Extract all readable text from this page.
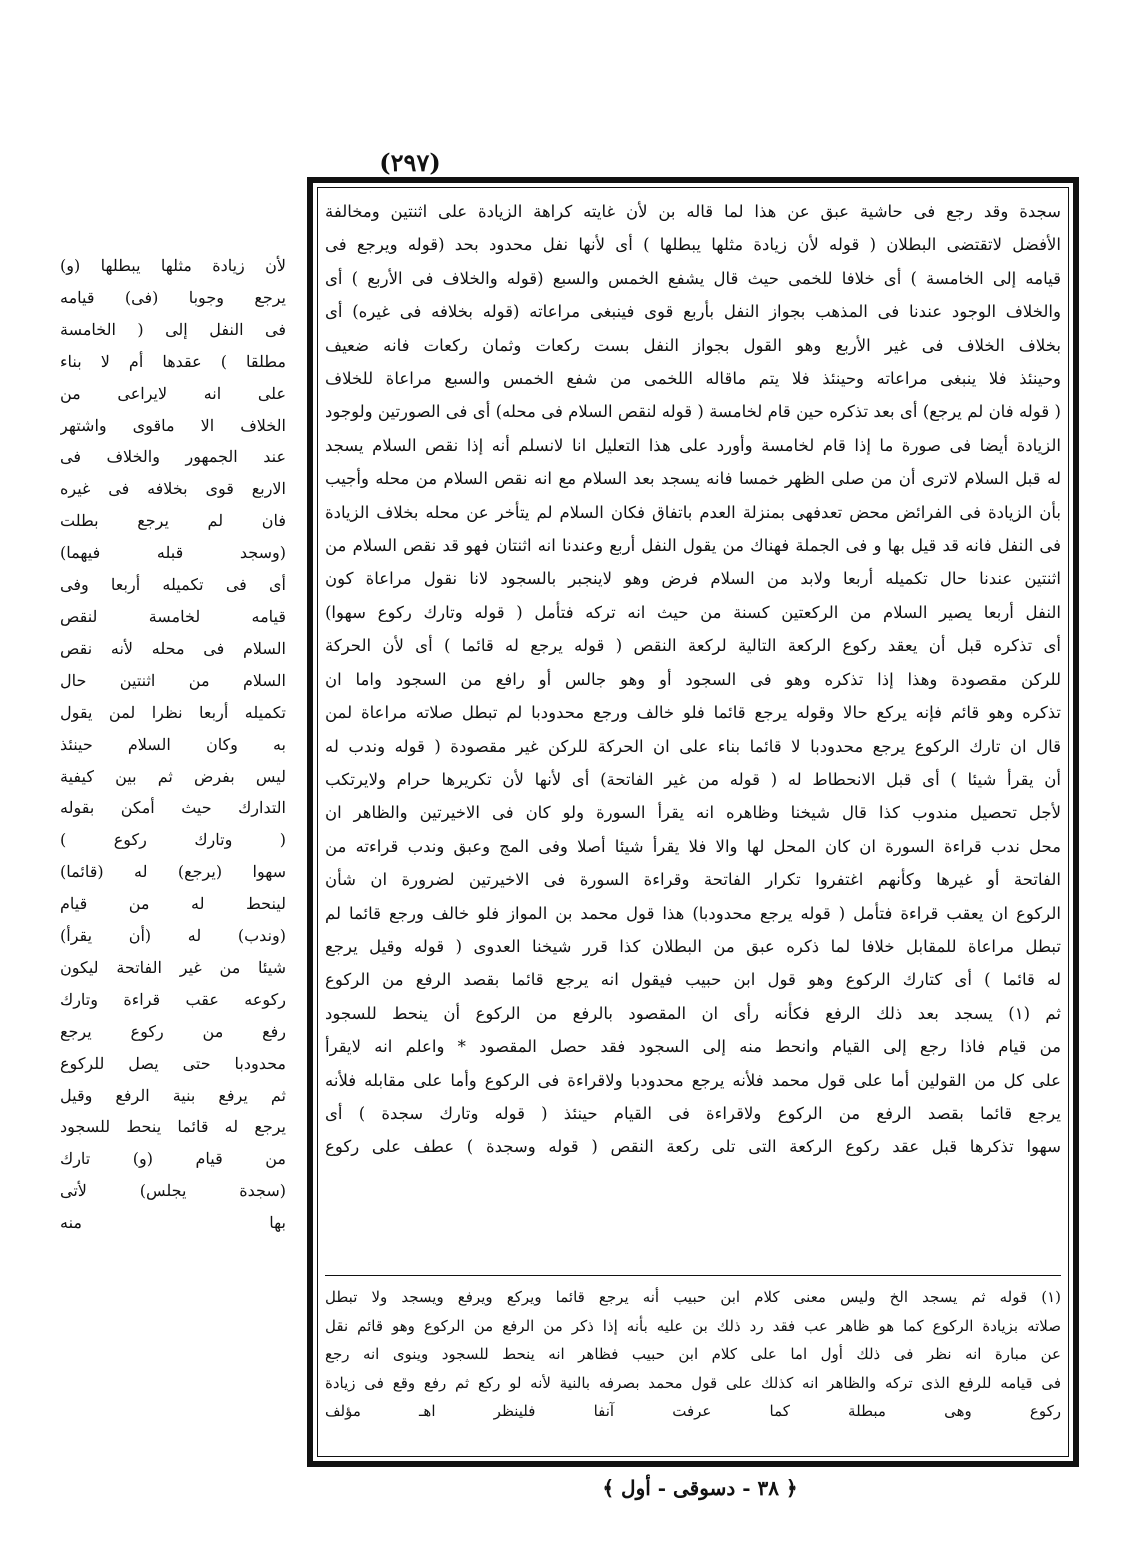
(٢٩٧)
لأن زيادة مثلها يبطلها (و)
يرجع وجوبا (فى) قيامه
فى النفل إلى ( الخامسة
مطلقا ) عقدها أم لا بناء
على انه لايراعى من
الخلاف الا ماقوى واشتهر
عند الجمهور والخلاف فى
الاربع قوى بخلافه فى غيره
فان لم يرجع بطلت
(وسجد قبله فيهما)
أى فى تكميله أربعا وفى
قيامه لخامسة لنقص
السلام فى محله لأنه نقص
السلام من اثنتين حال
تكميله أربعا نظرا لمن يقول
به وكان السلام حينئذ
ليس بفرض ثم بين كيفية
التدارك حيث أمكن بقوله
( وتارك ركوع )
سهوا (يرجع) له (قائما)
لينحط له من قيام
(وندب) له (أن يقرأ)
شيئا من غير الفاتحة ليكون
ركوعه عقب قراءة وتارك
رفع من ركوع يرجع
محدودبا حتى يصل للركوع
ثم يرفع بنية الرفع وقيل
يرجع له قائما ينحط للسجود
من قيام (و) تارك
(سجدة يجلس) لأتى
بها منه
سجدة وقد رجع فى حاشية عبق عن هذا لما قاله بن لأن غايته كراهة الزيادة على اثنتين ومخالفة
الأفضل لاتقتضى البطلان ( قوله لأن زيادة مثلها يبطلها ) أى لأنها نفل محدود بحد (قوله ويرجع فى
قيامه إلى الخامسة ) أى خلافا للخمى حيث قال يشفع الخمس والسبع (قوله والخلاف فى الأربع ) أى
والخلاف الوجود عندنا فى المذهب بجواز النفل بأربع قوى فينبغى مراعاته (قوله بخلافه فى غيره) أى
بخلاف الخلاف فى غير الأربع وهو القول بجواز النفل بست ركعات وثمان ركعات فانه ضعيف
وحينئذ فلا ينبغى مراعاته وحينئذ فلا يتم ماقاله اللخمى من شفع الخمس والسبع مراعاة للخلاف
( قوله فان لم يرجع) أى بعد تذكره حين قام لخامسة ( قوله لنقص السلام فى محله) أى فى الصورتين ولوجود
الزيادة أيضا فى صورة ما إذا قام لخامسة وأورد على هذا التعليل انا لانسلم أنه إذا نقص السلام يسجد
له قبل السلام لاترى أن من صلى الظهر خمسا فانه يسجد بعد السلام مع انه نقص السلام من محله وأجيب
بأن الزيادة فى الفرائض محض تعدفهى بمنزلة العدم باتفاق فكان السلام لم يتأخر عن محله بخلاف الزيادة
فى النفل فانه قد قيل بها و فى الجملة فهناك من يقول النفل أربع وعندنا انه اثنتان فهو قد نقص السلام من
اثنتين عندنا حال تكميله أربعا ولابد من السلام فرض وهو لاينجبر بالسجود لانا نقول مراعاة كون
النفل أربعا يصير السلام من الركعتين كسنة من حيث انه تركه فتأمل ( قوله وتارك ركوع سهوا)
أى تذكره قبل أن يعقد ركوع الركعة التالية لركعة النقص ( قوله يرجع له قائما ) أى لأن الحركة
للركن مقصودة وهذا إذا تذكره وهو فى السجود أو وهو جالس أو رافع من السجود واما ان
تذكره وهو قائم فإنه يركع حالا وقوله يرجع قائما فلو خالف ورجع محدودبا لم تبطل صلاته مراعاة لمن
قال ان تارك الركوع يرجع محدودبا لا قائما بناء على ان الحركة للركن غير مقصودة ( قوله وندب له
أن يقرأ شيئا ) أى قبل الانحطاط له ( قوله من غير الفاتحة) أى لأنها لأن تكريرها حرام ولايرتكب
لأجل تحصيل مندوب كذا قال شيخنا وظاهره انه يقرأ السورة ولو كان فى الاخيرتين والظاهر ان
محل ندب قراءة السورة ان كان المحل لها والا فلا يقرأ شيئا أصلا وفى المج وعبق وندب قراءته من
الفاتحة أو غيرها وكأنهم اغتفروا تكرار الفاتحة وقراءة السورة فى الاخيرتين لضرورة ان شأن
الركوع ان يعقب قراءة فتأمل ( قوله يرجع محدودبا) هذا قول محمد بن المواز فلو خالف ورجع قائما لم
تبطل مراعاة للمقابل خلافا لما ذكره عبق من البطلان كذا قرر شيخنا العدوى ( قوله وقيل يرجع
له قائما ) أى كتارك الركوع وهو قول ابن حبيب فيقول انه يرجع قائما بقصد الرفع من الركوع
ثم (١) يسجد بعد ذلك الرفع فكأنه رأى ان المقصود بالرفع من الركوع أن ينحط للسجود
من قيام فاذا رجع إلى القيام وانحط منه إلى السجود فقد حصل المقصود * واعلم انه لايقرأ
على كل من القولين أما على قول محمد فلأنه يرجع محدودبا ولاقراءة فى الركوع وأما على مقابله فلأنه
يرجع قائما بقصد الرفع من الركوع ولاقراءة فى القيام حينئذ ( قوله وتارك سجدة ) أى
سهوا تذكرها قبل عقد ركوع الركعة التى تلى ركعة النقص ( قوله وسجدة ) عطف على ركوع
(١) قوله ثم يسجد الخ وليس معنى كلام ابن حبيب أنه يرجع قائما ويركع ويرفع ويسجد ولا تبطل
صلاته بزيادة الركوع كما هو ظاهر عب فقد رد ذلك بن عليه بأنه إذا ذكر من الرفع من الركوع وهو قائم نقل
عن مبارة انه نظر فى ذلك أول اما على كلام ابن حبيب فظاهر انه ينحط للسجود وينوى انه رجع
فى قيامه للرفع الذى تركه والظاهر انه كذلك على قول محمد بصرفه بالنية لأنه لو ركع ثم رفع وقع فى زيادة
ركوع وهى مبطلة كما عرفت آنفا فلينظر اهـ مؤلف
﴿ ٣٨ - دسوقى - أول ﴾
